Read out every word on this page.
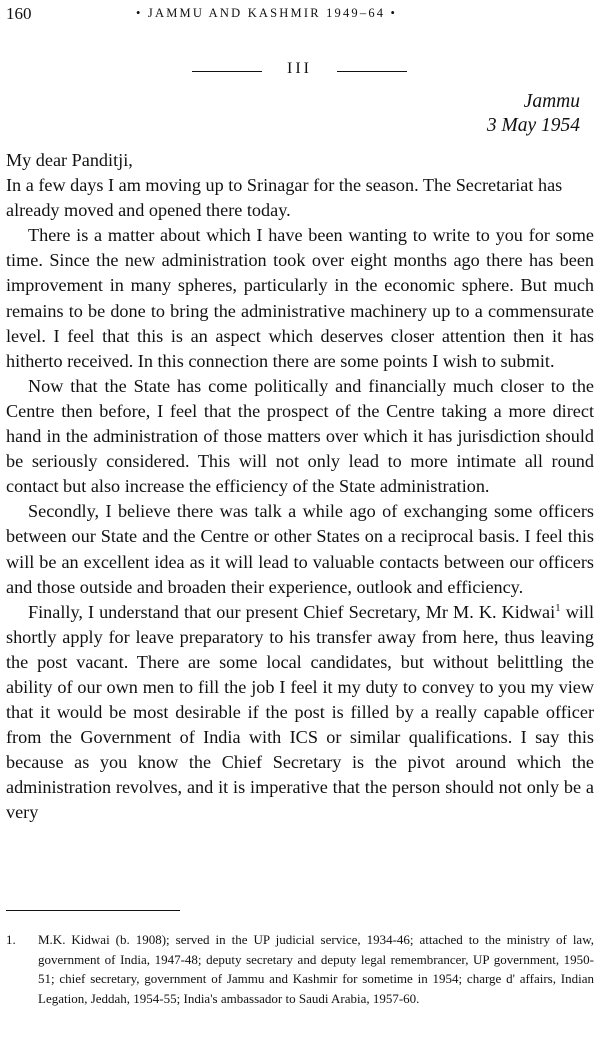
160	• JAMMU AND KASHMIR 1949–64 •
III
Jammu
3 May 1954

My dear Panditji,

In a few days I am moving up to Srinagar for the season. The Secretariat has already moved and opened there today.

There is a matter about which I have been wanting to write to you for some time. Since the new administration took over eight months ago there has been improvement in many spheres, particularly in the economic sphere. But much remains to be done to bring the administrative machinery up to a commensurate level. I feel that this is an aspect which deserves closer attention then it has hitherto received. In this connection there are some points I wish to submit.

Now that the State has come politically and financially much closer to the Centre then before, I feel that the prospect of the Centre taking a more direct hand in the administration of those matters over which it has jurisdiction should be seriously considered. This will not only lead to more intimate all round contact but also increase the efficiency of the State administration.

Secondly, I believe there was talk a while ago of exchanging some officers between our State and the Centre or other States on a reciprocal basis. I feel this will be an excellent idea as it will lead to valuable contacts between our officers and those outside and broaden their experience, outlook and efficiency.

Finally, I understand that our present Chief Secretary, Mr M. K. Kidwai$^1$ will shortly apply for leave preparatory to his transfer away from here, thus leaving the post vacant. There are some local candidates, but without belittling the ability of our own men to fill the job I feel it my duty to convey to you my view that it would be most desirable if the post is filled by a really capable officer from the Government of India with ICS or similar qualifications. I say this because as you know the Chief Secretary is the pivot around which the administration revolves, and it is imperative that the person should not only be a very

1. M.K. Kidwai (b. 1908); served in the UP judicial service, 1934-46; attached to the ministry of law, government of India, 1947-48; deputy secretary and deputy legal remembrancer, UP government, 1950-51; chief secretary, government of Jammu and Kashmir for sometime in 1954; charge d' affairs, Indian Legation, Jeddah, 1954-55; India's ambassador to Saudi Arabia, 1957-60.
